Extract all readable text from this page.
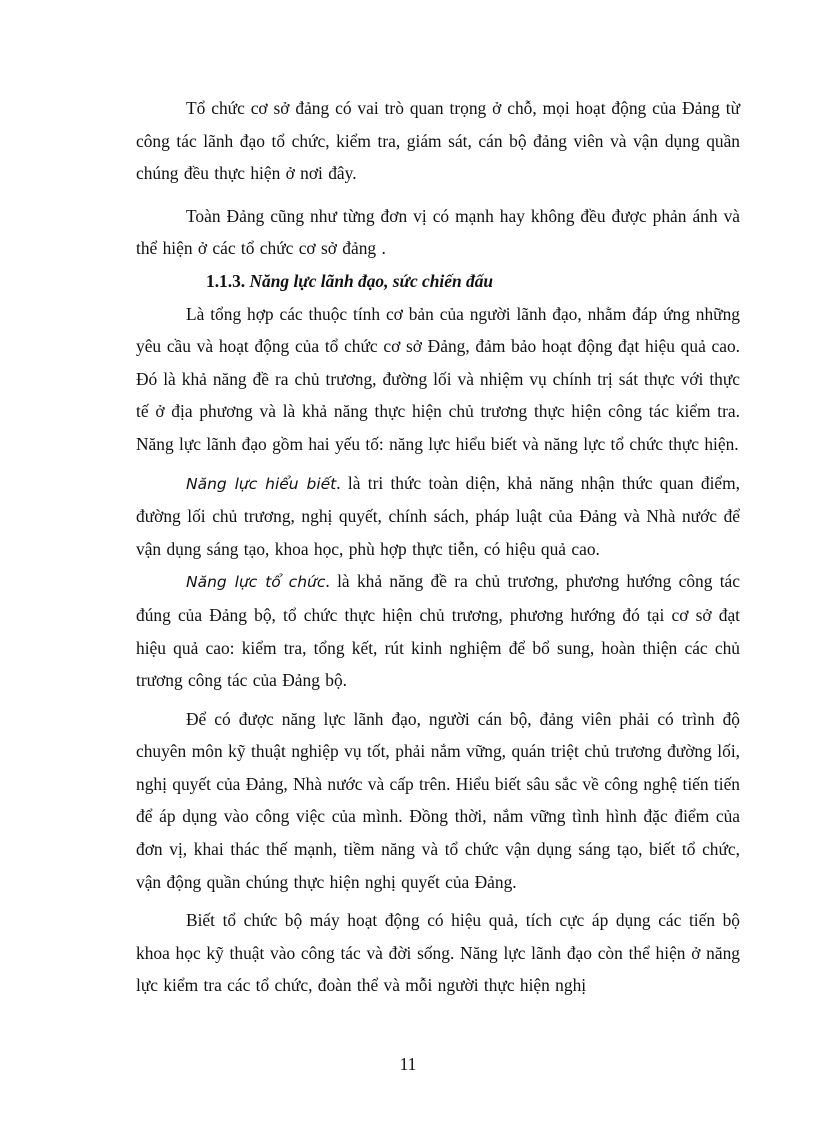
Tổ chức cơ sở đảng có vai trò quan trọng ở chỗ, mọi hoạt động của Đảng từ công tác lãnh đạo tổ chức, kiểm tra, giám sát, cán bộ đảng viên và vận dụng quần chúng đều thực hiện ở nơi đây.

Toàn Đảng cũng như từng đơn vị có mạnh hay không đều được phản ánh và thể hiện ở các tổ chức cơ sở đảng .

1.1.3. Năng lực lãnh đạo, sức chiến đấu

Là tổng hợp các thuộc tính cơ bản của người lãnh đạo, nhằm đáp ứng những yêu cầu và hoạt động của tổ chức cơ sở Đảng, đảm bảo hoạt động đạt hiệu quả cao. Đó là khả năng đề ra chủ trương, đường lối và nhiệm vụ chính trị sát thực với thực tế ở địa phương và là khả năng thực hiện chủ trương thực hiện công tác kiểm tra. Năng lực lãnh đạo gồm hai yếu tố: năng lực hiểu biết và năng lực tổ chức thực hiện.

Năng lực hiểu biết. là tri thức toàn diện, khả năng nhận thức quan điểm, đường lối chủ trương, nghị quyết, chính sách, pháp luật của Đảng và Nhà nước để vận dụng sáng tạo, khoa học, phù hợp thực tiễn, có hiệu quả cao.

Năng lực tổ chức. là khả năng đề ra chủ trương, phương hướng công tác đúng của Đảng bộ, tổ chức thực hiện chủ trương, phương hướng đó tại cơ sở đạt hiệu quả cao: kiểm tra, tổng kết, rút kinh nghiệm để bổ sung, hoàn thiện các chủ trương công tác của Đảng bộ.

Để có được năng lực lãnh đạo, người cán bộ, đảng viên phải có trình độ chuyên môn kỹ thuật nghiệp vụ tốt, phải nắm vững, quán triệt chủ trương đường lối, nghị quyết của Đảng, Nhà nước và cấp trên. Hiểu biết sâu sắc về công nghệ tiến tiến để áp dụng vào công việc của mình. Đồng thời, nắm vững tình hình đặc điểm của đơn vị, khai thác thế mạnh, tiềm năng và tổ chức vận dụng sáng tạo, biết tổ chức, vận động quần chúng thực hiện nghị quyết của Đảng.

Biết tổ chức bộ máy hoạt động có hiệu quả, tích cực áp dụng các tiến bộ khoa học kỹ thuật vào công tác và đời sống. Năng lực lãnh đạo còn thể hiện ở năng lực kiểm tra các tổ chức, đoàn thể và mỗi người thực hiện nghị

11
